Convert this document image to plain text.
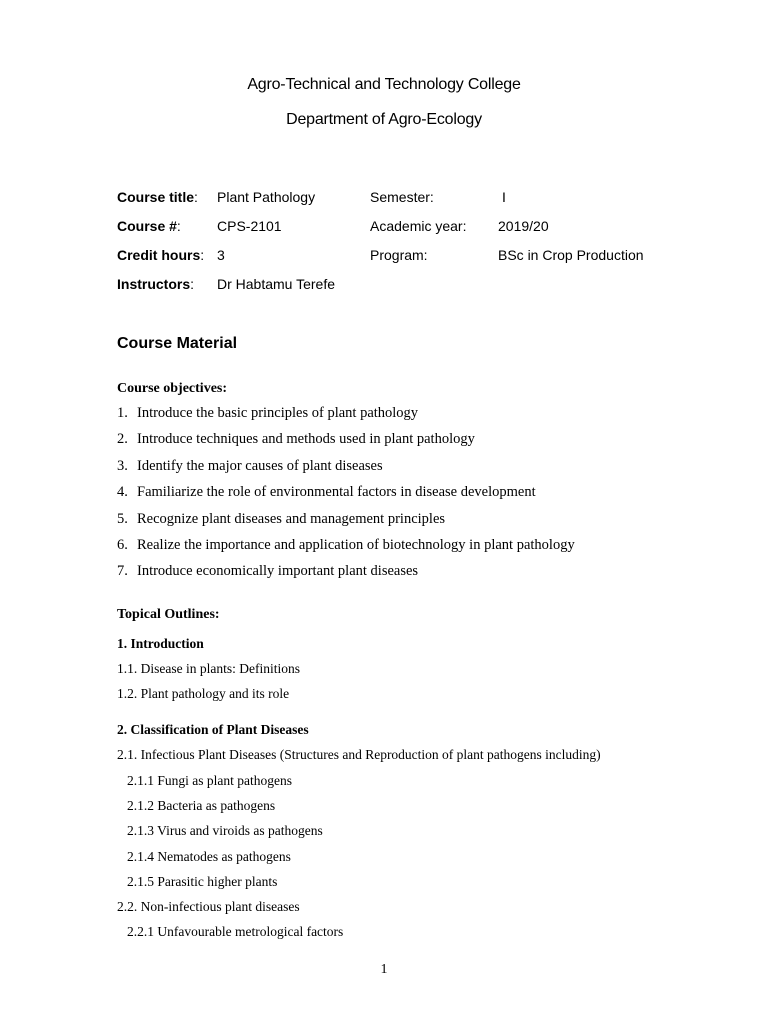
Agro-Technical and Technology College
Department of Agro-Ecology
Course title: Plant Pathology	Semester:	I
Course #:	CPS-2101	Academic year: 2019/20
Credit hours: 3	Program:	BSc in Crop Production
Instructors: Dr Habtamu Terefe
Course Material
Course objectives:
1. Introduce the basic principles of plant pathology
2. Introduce techniques and methods used in plant pathology
3. Identify the major causes of plant diseases
4. Familiarize the role of environmental factors in disease development
5. Recognize plant diseases and management principles
6. Realize the importance and application of biotechnology in plant pathology
7. Introduce economically important plant diseases
Topical Outlines:
1. Introduction
1.1. Disease in plants: Definitions
1.2. Plant pathology and its role
2. Classification of Plant Diseases
2.1. Infectious Plant Diseases (Structures and Reproduction of plant pathogens including)
2.1.1 Fungi as plant pathogens
2.1.2 Bacteria as pathogens
2.1.3 Virus and viroids as pathogens
2.1.4 Nematodes as pathogens
2.1.5 Parasitic higher plants
2.2. Non-infectious plant diseases
2.2.1 Unfavourable metrological factors
1
